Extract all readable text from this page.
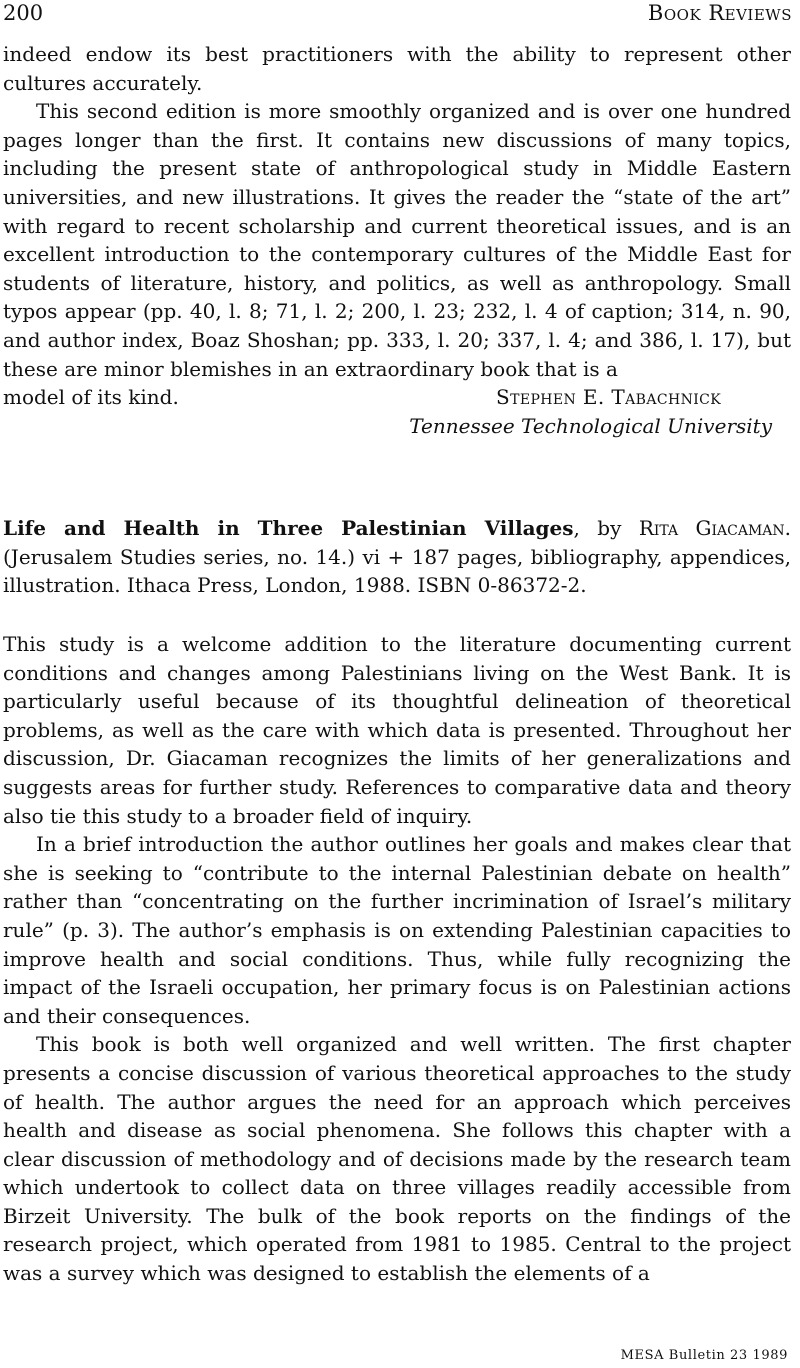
200	Book Reviews

indeed endow its best practitioners with the ability to represent other cultures accurately.

This second edition is more smoothly organized and is over one hundred pages longer than the first. It contains new discussions of many topics, including the present state of anthropological study in Middle Eastern universities, and new illustrations. It gives the reader the “state of the art” with regard to recent scholarship and current theoretical issues, and is an excellent introduction to the contemporary cultures of the Middle East for students of literature, history, and politics, as well as anthropology. Small typos appear (pp. 40, l. 8; 71, l. 2; 200, l. 23; 232, l. 4 of caption; 314, n. 90, and author index, Boaz Shoshan; pp. 333, l. 20; 337, l. 4; and 386, l. 17), but these are minor blemishes in an extraordinary book that is a

model of its kind.	Stephen E. Tabachnick
Tennessee Technological University
Life and Health in Three Palestinian Villages, by Rita Giacaman. (Jerusalem Studies series, no. 14.) vi + 187 pages, bibliography, appendices, illustration. Ithaca Press, London, 1988. ISBN 0-86372-2.

This study is a welcome addition to the literature documenting current conditions and changes among Palestinians living on the West Bank. It is particularly useful because of its thoughtful delineation of theoretical problems, as well as the care with which data is presented. Throughout her discussion, Dr. Giacaman recognizes the limits of her generalizations and suggests areas for further study. References to comparative data and theory also tie this study to a broader field of inquiry.

In a brief introduction the author outlines her goals and makes clear that she is seeking to “contribute to the internal Palestinian debate on health” rather than “concentrating on the further incrimination of Israel’s military rule” (p. 3). The author’s emphasis is on extending Palestinian capacities to improve health and social conditions. Thus, while fully recognizing the impact of the Israeli occupation, her primary focus is on Palestinian actions and their consequences.

This book is both well organized and well written. The first chapter presents a concise discussion of various theoretical approaches to the study of health. The author argues the need for an approach which perceives health and disease as social phenomena. She follows this chapter with a clear discussion of methodology and of decisions made by the research team which undertook to collect data on three villages readily accessible from Birzeit University. The bulk of the book reports on the findings of the research project, which operated from 1981 to 1985. Central to the project was a survey which was designed to establish the elements of a

MESA Bulletin 23 1989
